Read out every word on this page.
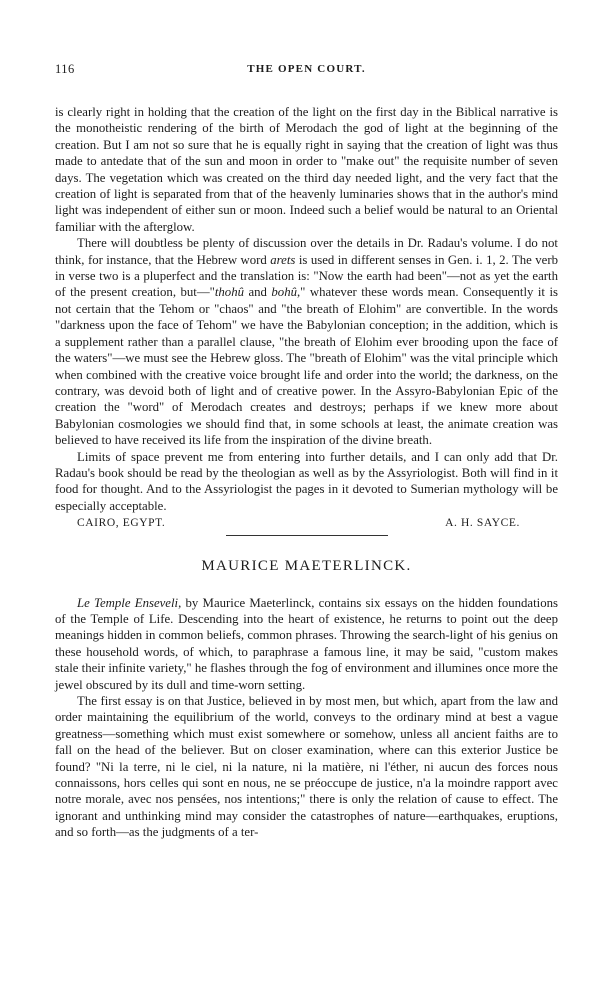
116	THE OPEN COURT.

is clearly right in holding that the creation of the light on the first day in the Biblical narrative is the monotheistic rendering of the birth of Merodach the god of light at the beginning of the creation. But I am not so sure that he is equally right in saying that the creation of light was thus made to antedate that of the sun and moon in order to "make out" the requisite number of seven days. The vegetation which was created on the third day needed light, and the very fact that the creation of light is separated from that of the heavenly luminaries shows that in the author's mind light was independent of either sun or moon. Indeed such a belief would be natural to an Oriental familiar with the afterglow.

There will doubtless be plenty of discussion over the details in Dr. Radau's volume. I do not think, for instance, that the Hebrew word arets is used in different senses in Gen. i. 1, 2. The verb in verse two is a pluperfect and the translation is: "Now the earth had been"—not as yet the earth of the present creation, but—"thohû and bohû," whatever these words mean. Consequently it is not certain that the Tehom or "chaos" and "the breath of Elohim" are convertible. In the words "darkness upon the face of Tehom" we have the Babylonian conception; in the addition, which is a supplement rather than a parallel clause, "the breath of Elohim ever brooding upon the face of the waters"—we must see the Hebrew gloss. The "breath of Elohim" was the vital principle which when combined with the creative voice brought life and order into the world; the darkness, on the contrary, was devoid both of light and of creative power. In the Assyro-Babylonian Epic of the creation the "word" of Merodach creates and destroys; perhaps if we knew more about Babylonian cosmologies we should find that, in some schools at least, the animate creation was believed to have received its life from the inspiration of the divine breath.

Limits of space prevent me from entering into further details, and I can only add that Dr. Radau's book should be read by the theologian as well as by the Assyriologist. Both will find in it food for thought. And to the Assyriologist the pages in it devoted to Sumerian mythology will be especially acceptable.

CAIRO, EGYPT.	A. H. SAYCE.
MAURICE MAETERLINCK.

Le Temple Enseveli, by Maurice Maeterlinck, contains six essays on the hidden foundations of the Temple of Life. Descending into the heart of existence, he returns to point out the deep meanings hidden in common beliefs, common phrases. Throwing the search-light of his genius on these household words, of which, to paraphrase a famous line, it may be said, "custom makes stale their infinite variety," he flashes through the fog of environment and illumines once more the jewel obscured by its dull and time-worn setting.

The first essay is on that Justice, believed in by most men, but which, apart from the law and order maintaining the equilibrium of the world, conveys to the ordinary mind at best a vague greatness—something which must exist somewhere or somehow, unless all ancient faiths are to fall on the head of the believer. But on closer examination, where can this exterior Justice be found? "Ni la terre, ni le ciel, ni la nature, ni la matière, ni l'éther, ni aucun des forces nous connaissons, hors celles qui sont en nous, ne se préoccupe de justice, n'a la moindre rapport avec notre morale, avec nos pensées, nos intentions;" there is only the relation of cause to effect. The ignorant and unthinking mind may consider the catastrophes of nature—earthquakes, eruptions, and so forth—as the judgments of a ter-
